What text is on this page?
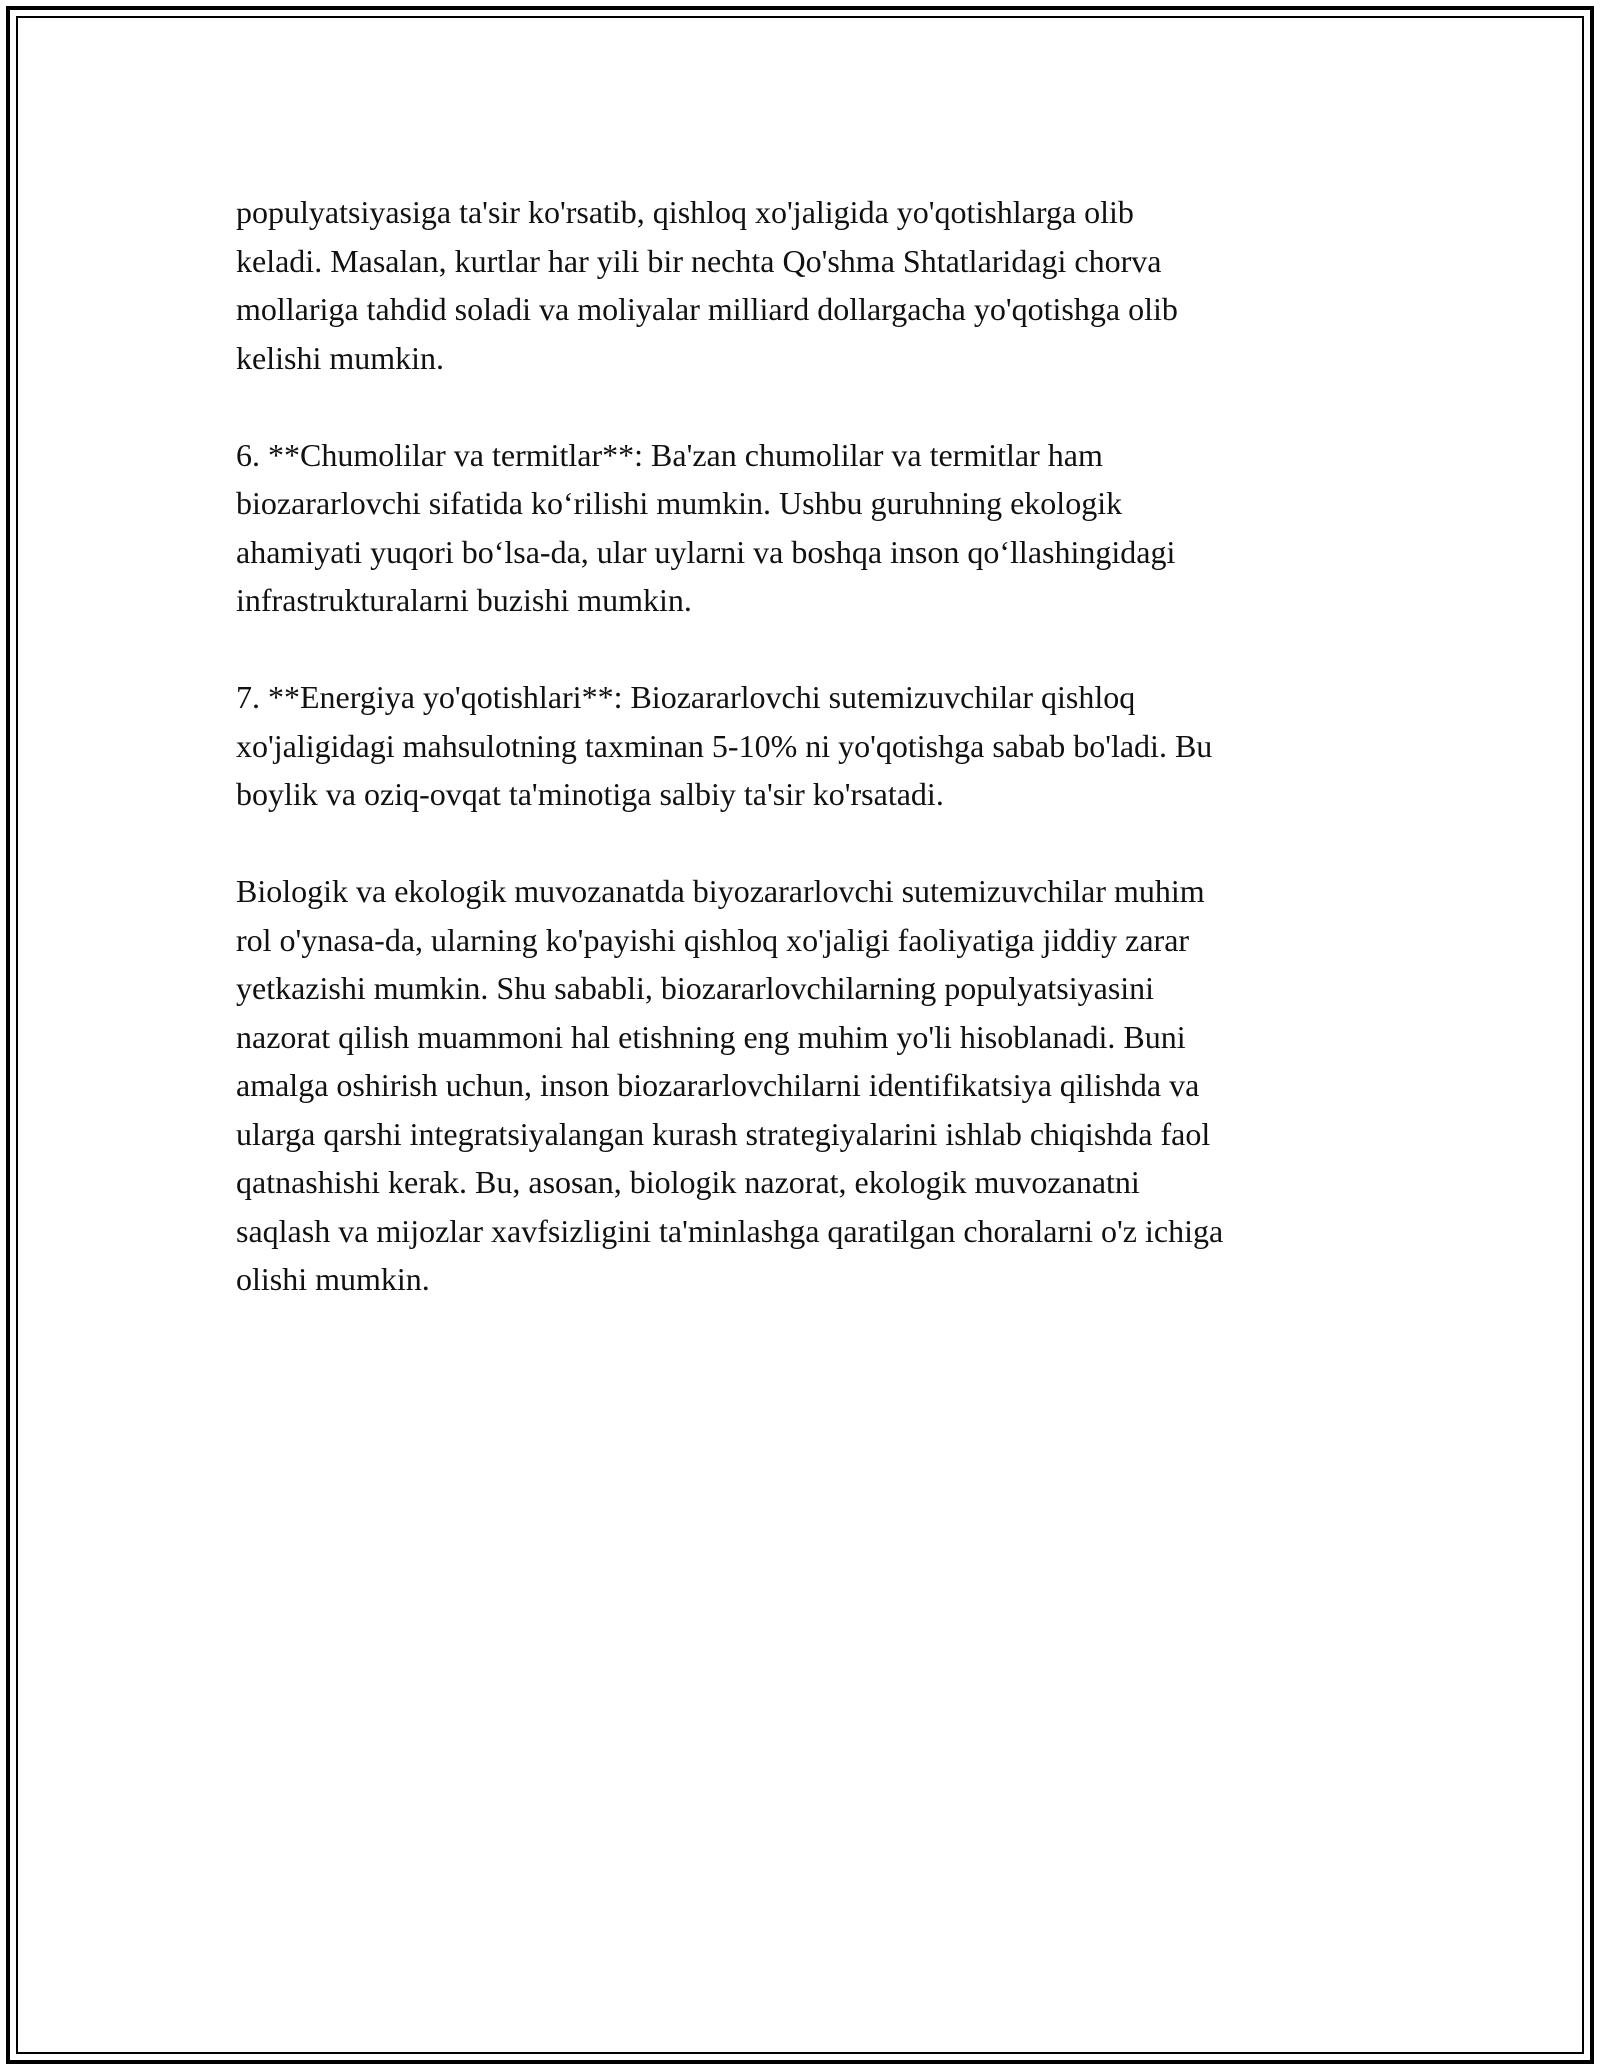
populyatsiyasiga ta'sir ko'rsatib, qishloq xo'jaligida yo'qotishlarga olib
keladi. Masalan, kurtlar har yili bir nechta Qo'shma Shtatlaridagi chorva
mollariga tahdid soladi va moliyalar milliard dollargacha yo'qotishga olib
kelishi mumkin.

6. **Chumolilar va termitlar**: Ba'zan chumolilar va termitlar ham
biozararlovchi sifatida ko‘rilishi mumkin. Ushbu guruhning ekologik
ahamiyati yuqori bo‘lsa-da, ular uylarni va boshqa inson qo‘llashingidagi
infrastrukturalarni buzishi mumkin.

7. **Energiya yo'qotishlari**: Biozararlovchi sutemizuvchilar qishloq
xo'jaligidagi mahsulotning taxminan 5-10% ni yo'qotishga sabab bo'ladi. Bu
boylik va oziq-ovqat ta'minotiga salbiy ta'sir ko'rsatadi.

Biologik va ekologik muvozanatda biyozararlovchi sutemizuvchilar muhim
rol o'ynasa-da, ularning ko'payishi qishloq xo'jaligi faoliyatiga jiddiy zarar
yetkazishi mumkin. Shu sababli, biozararlovchilarning populyatsiyasini
nazorat qilish muammoni hal etishning eng muhim yo'li hisoblanadi. Buni
amalga oshirish uchun, inson biozararlovchilarni identifikatsiya qilishda va
ularga qarshi integratsiyalangan kurash strategiyalarini ishlab chiqishda faol
qatnashishi kerak. Bu, asosan, biologik nazorat, ekologik muvozanatni
saqlash va mijozlar xavfsizligini ta'minlashga qaratilgan choralarni o'z ichiga
olishi mumkin.
